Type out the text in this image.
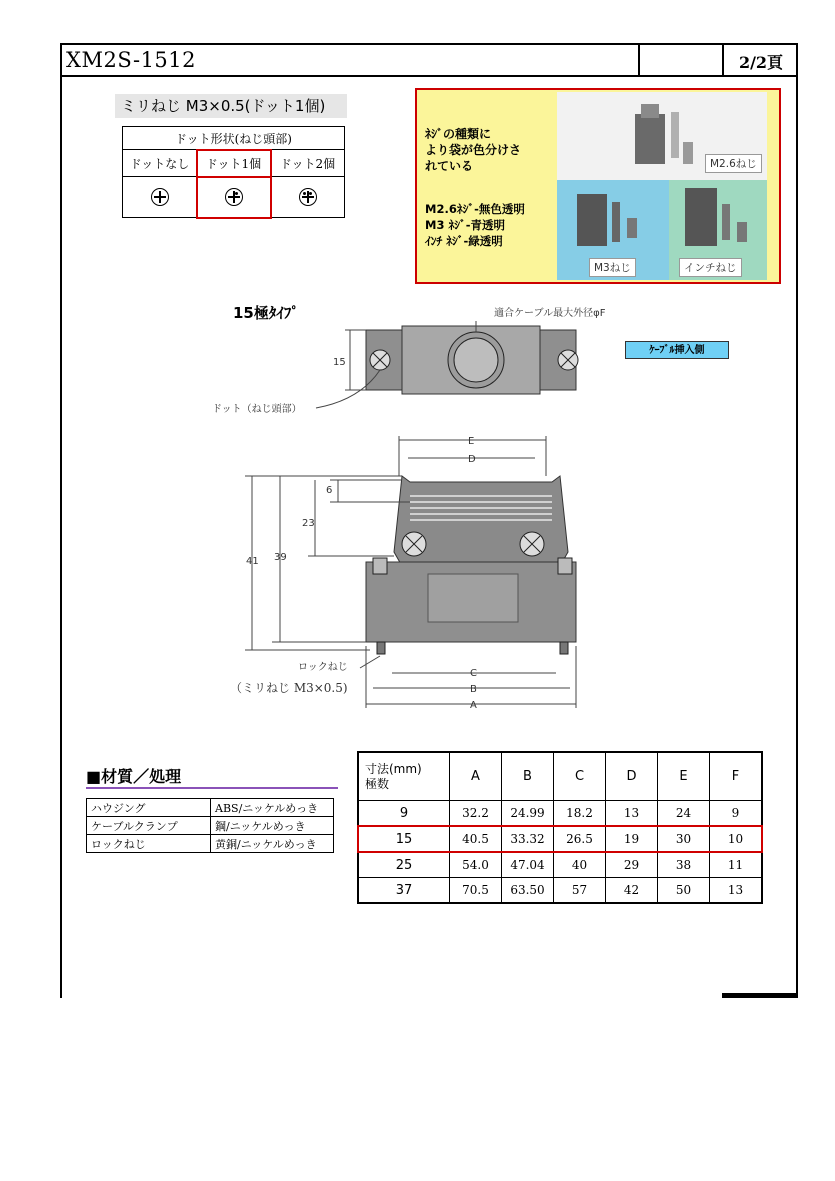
XM2S-1512	2/2頁
ミリねじ M3×0.5(ドット1個)
ドット形状(ねじ頭部)		
ドットなし	ドット1個	ドット2個

ﾈｼﾞの種類に
より袋が色分けさ
れている
M2.6ﾈｼﾞ-無色透明
M3 ﾈｼﾞ-青透明
ｲﾝﾁ ﾈｼﾞ-緑透明
M2.6ねじ
M3ねじ	インチねじ
15極ﾀｲﾌﾟ
ｹｰﾌﾞﾙ挿入側
適合ケーブル最大外径φF
15
ドット（ねじ頭部）
E
D
6
23
41 39
C
B
A
ロックねじ
（ミリねじ M3×0.5)
■材質／処理
ハウジング	ABS/ニッケルめっき
ケーブルクランプ	鋼/ニッケルめっき
ロックねじ	黄銅/ニッケルめっき
寸法(mm)
極数	A	B	C	D	E	F
9	32.2	24.99	18.2	13	24	9
15	40.5	33.32	26.5	19	30	10
25	54.0	47.04	40	29	38	11
37	70.5	63.50	57	42	50	13
